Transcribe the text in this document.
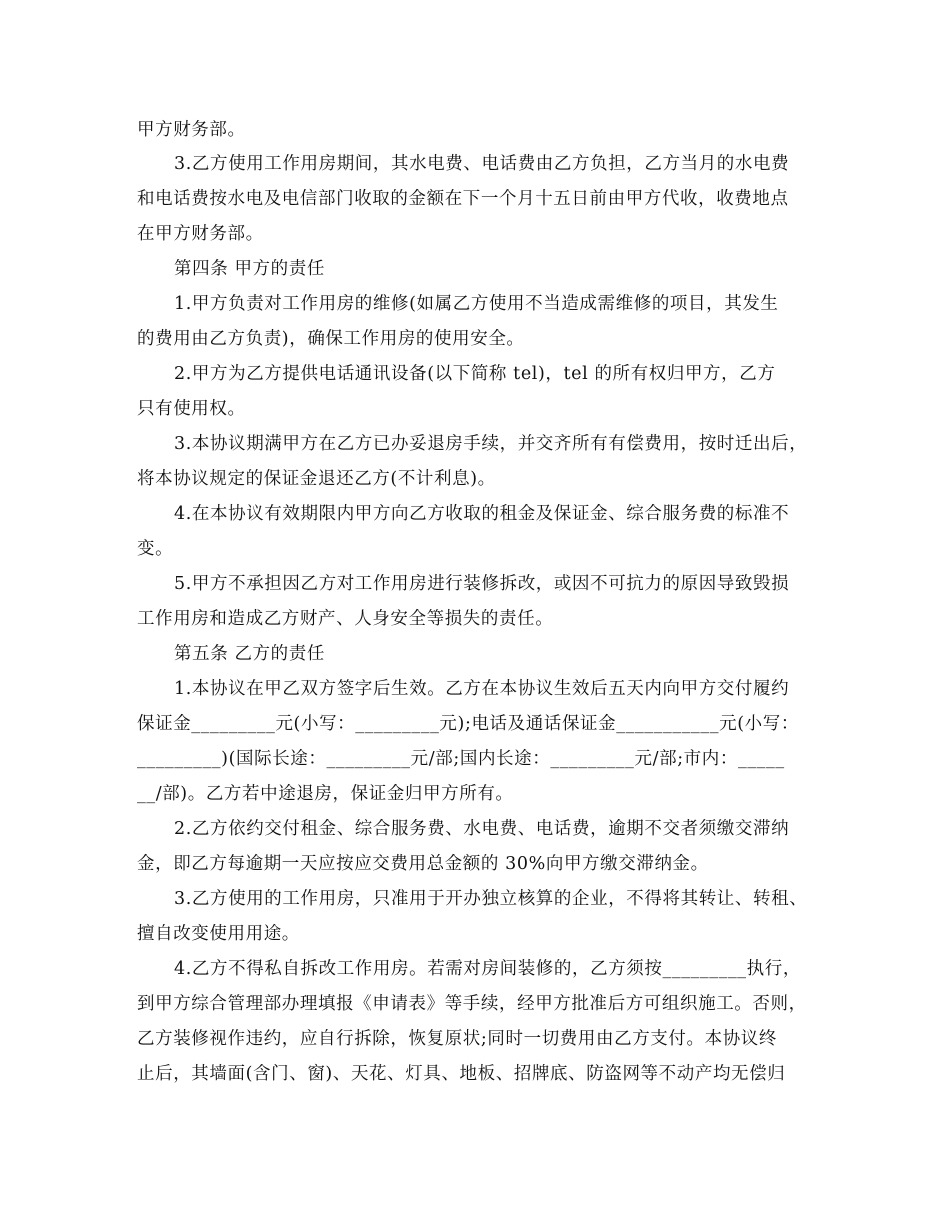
甲方财务部。
3.乙方使用工作用房期间，其水电费、电话费由乙方负担，乙方当月的水电费
和电话费按水电及电信部门收取的金额在下一个月十五日前由甲方代收，收费地点
在甲方财务部。
第四条 甲方的责任
1.甲方负责对工作用房的维修(如属乙方使用不当造成需维修的项目，其发生
的费用由乙方负责)，确保工作用房的使用安全。
2.甲方为乙方提供电话通讯设备(以下简称 tel)，tel 的所有权归甲方，乙方
只有使用权。
3.本协议期满甲方在乙方已办妥退房手续，并交齐所有有偿费用，按时迁出后，
将本协议规定的保证金退还乙方(不计利息)。
4.在本协议有效期限内甲方向乙方收取的租金及保证金、综合服务费的标准不
变。
5.甲方不承担因乙方对工作用房进行装修拆改，或因不可抗力的原因导致毁损
工作用房和造成乙方财产、人身安全等损失的责任。
第五条 乙方的责任
1.本协议在甲乙双方签字后生效。乙方在本协议生效后五天内向甲方交付履约
保证金_________元(小写：_________元);电话及通话保证金___________元(小写：
_________)(国际长途：_________元/部;国内长途：_________元/部;市内：_____
__/部)。乙方若中途退房，保证金归甲方所有。
2.乙方依约交付租金、综合服务费、水电费、电话费，逾期不交者须缴交滞纳
金，即乙方每逾期一天应按应交费用总金额的 30%向甲方缴交滞纳金。
3.乙方使用的工作用房，只准用于开办独立核算的企业，不得将其转让、转租、
擅自改变使用用途。
4.乙方不得私自拆改工作用房。若需对房间装修的，乙方须按_________执行，
到甲方综合管理部办理填报《申请表》等手续，经甲方批准后方可组织施工。否则，
乙方装修视作违约，应自行拆除，恢复原状;同时一切费用由乙方支付。本协议终
止后，其墙面(含门、窗)、天花、灯具、地板、招牌底、防盗网等不动产均无偿归
